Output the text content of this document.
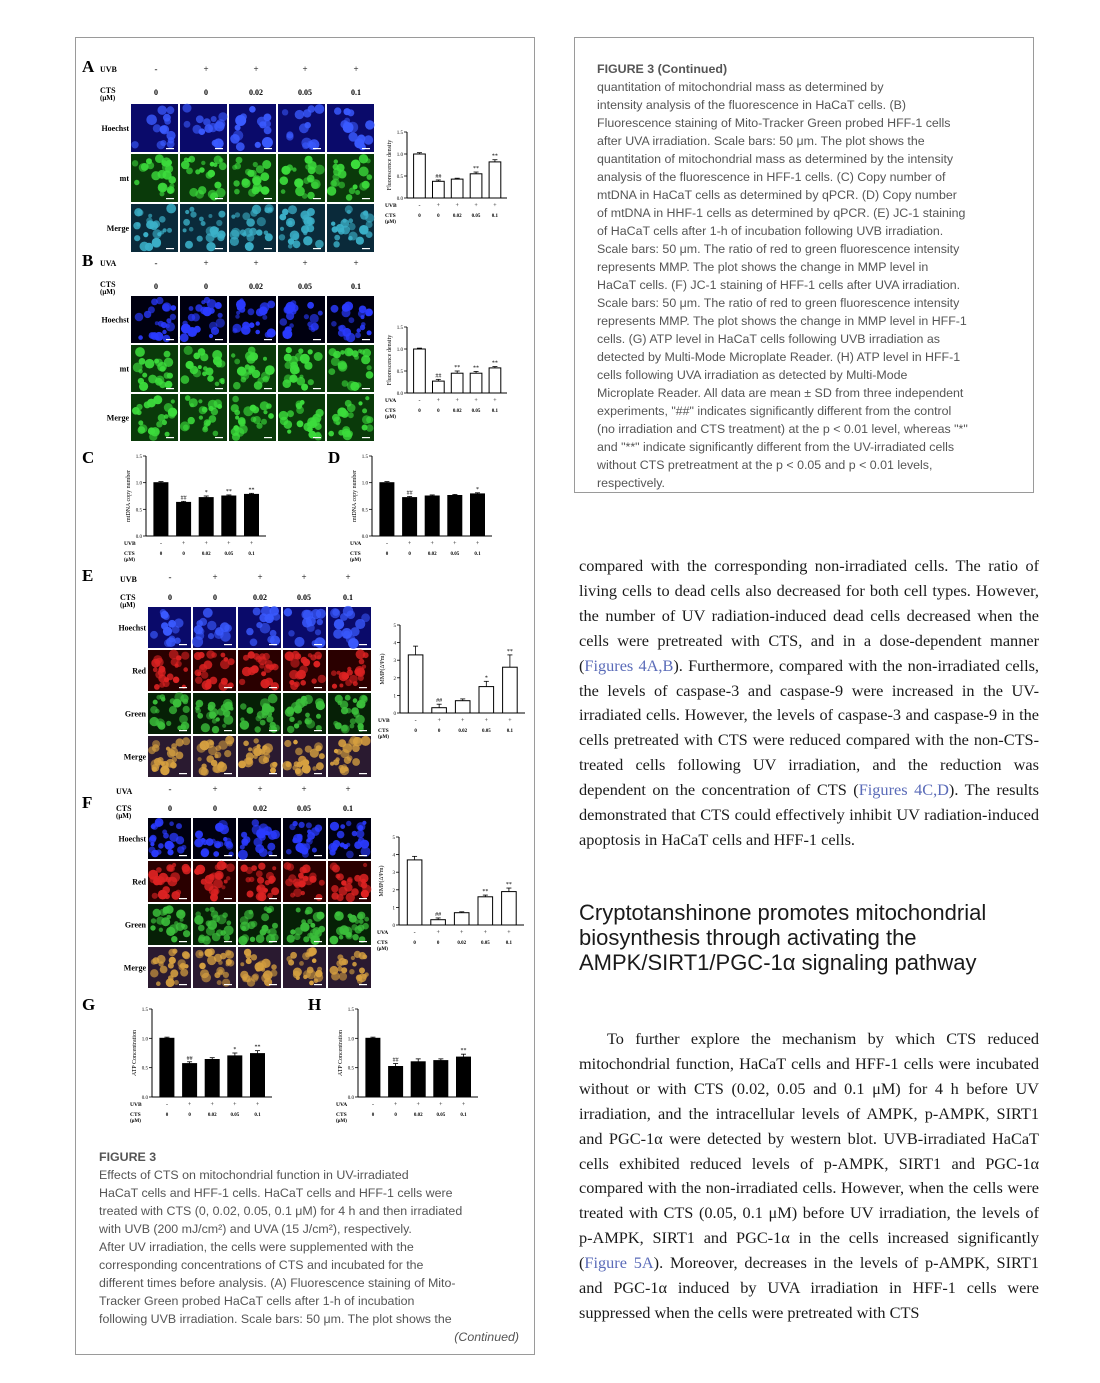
A UVB	-	+	+	+	+
CTS
(μM)
0	0	0.02	0.05	0.1
Hoechst
mt
Merge
0.0
0.5
1.0
1.5
Fluorescence density	##
**
**
UVB
CTS
(μM)
-
0
+
0
+
0.02
+
0.05
+
0.1
B UVA	-	+	+	+	+
CTS
(μM)
0	0	0.02	0.05	0.1
Hoechst
mt
Merge
0.0
0.5
1.0
1.5
Fluorescence density	##
** **
**
UVA
CTS
(μM)
-
0
+
0
+
0.02
+
0.05
+
0.1
C
0.0
0.5
1.0
1.5
mtDNA copy number	##
*	**	**
UVB
CTS
(μM)
-
0
+
0
+
0.02
+
0.05
+
0.1
D
0.0
0.5
1.0
1.5
mtDNA copy number	##
*
UVA
CTS
(μM)
-
0
+
0
+
0.02
+
0.05
+
0.1
E	UVB	-	+	+	+	+
CTS
(μM)
0	0	0.02	0.05	0.1
Hoechst
Red
Green
Merge
0
1
2
3
4
5
MMP(ΔΨm)
##
*
**
UVB
CTS
(μM)
-
0
+
0
+
0.02
+
0.05
+
0.1
F
UVA	-	+	+	+	+
CTS
(μM)
0	0	0.02	0.05	0.1
Hoechst
Red
Green
Merge
0
1
2
3
4
5
MMP(ΔΨm)
##
**
**
UVA
CTS
(μM)
-
0
+
0
+
0.02
+
0.05
+
0.1
G
0.0
0.5
1.0
1.5
ATP Concentration	##
*	**
UVB
CTS
(μM)
-
0
+
0
+
0.02
+
0.05
+
0.1
H
0.0
0.5
1.0
1.5
ATP Concentration	##
**
UVA
CTS
(μM)
-
0
+
0
+
0.02
+
0.05
+
0.1
FIGURE 3
Effects of CTS on mitochondrial function in UV-irradiated
HaCaT cells and HFF-1 cells. HaCaT cells and HFF-1 cells were
treated with CTS (0, 0.02, 0.05, 0.1 μM) for 4 h and then irradiated
with UVB (200 mJ/cm²) and UVA (15 J/cm²), respectively.
After UV irradiation, the cells were supplemented with the
corresponding concentrations of CTS and incubated for the
different times before analysis. (A) Fluorescence staining of Mito-
Tracker Green probed HaCaT cells after 1-h of incubation
following UVB irradiation. Scale bars: 50 μm. The plot shows the
(Continued)
FIGURE 3 (Continued)
quantitation of mitochondrial mass as determined by
intensity analysis of the fluorescence in HaCaT cells. (B)
Fluorescence staining of Mito-Tracker Green probed HFF-1 cells
after UVA irradiation. Scale bars: 50 μm. The plot shows the
quantitation of mitochondrial mass as determined by the intensity
analysis of the fluorescence in HFF-1 cells. (C) Copy number of
mtDNA in HaCaT cells as determined by qPCR. (D) Copy number
of mtDNA in HHF-1 cells as determined by qPCR. (E) JC-1 staining
of HaCaT cells after 1-h of incubation following UVB irradiation.
Scale bars: 50 μm. The ratio of red to green fluorescence intensity
represents MMP. The plot shows the change in MMP level in
HaCaT cells. (F) JC-1 staining of HFF-1 cells after UVA irradiation.
Scale bars: 50 μm. The ratio of red to green fluorescence intensity
represents MMP. The plot shows the change in MMP level in HFF-1
cells. (G) ATP level in HaCaT cells following UVB irradiation as
detected by Multi-Mode Microplate Reader. (H) ATP level in HFF-1
cells following UVA irradiation as detected by Multi-Mode
Microplate Reader. All data are mean ± SD from three independent
experiments, "##" indicates significantly different from the control
(no irradiation and CTS treatment) at the p < 0.01 level, whereas "*"
and "**" indicate significantly different from the UV-irradiated cells
without CTS pretreatment at the p < 0.05 and p < 0.01 levels,
respectively.

compared with the corresponding non-irradiated cells. The ratio of living cells to dead cells also decreased for both cell types. However, the number of UV radiation-induced dead cells decreased when the cells were pretreated with CTS, and in a dose-dependent manner (Figures 4A,B). Furthermore, compared with the non-irradiated cells, the levels of caspase-3 and caspase-9 were increased in the UV-irradiated cells. However, the levels of caspase-3 and caspase-9 in the cells pretreated with CTS were reduced compared with the non-CTS-treated cells following UV irradiation, and the reduction was dependent on the concentration of CTS (Figures 4C,D). The results demonstrated that CTS could effectively inhibit UV radiation-induced apoptosis in HaCaT cells and HFF-1 cells.

Cryptotanshinone promotes mitochondrial biosynthesis through activating the AMPK/SIRT1/PGC-1α signaling pathway

To further explore the mechanism by which CTS reduced mitochondrial function, HaCaT cells and HFF-1 cells were incubated without or with CTS (0.02, 0.05 and 0.1 μM) for 4 h before UV irradiation, and the intracellular levels of AMPK, p-AMPK, SIRT1 and PGC-1α were detected by western blot. UVB-irradiated HaCaT cells exhibited reduced levels of p-AMPK, SIRT1 and PGC-1α compared with the non-irradiated cells. However, when the cells were treated with CTS (0.05, 0.1 μM) before UV irradiation, the levels of p-AMPK, SIRT1 and PGC-1α in the cells increased significantly (Figure 5A). Moreover, decreases in the levels of p-AMPK, SIRT1 and PGC-1α induced by UVA irradiation in HFF-1 cells were suppressed when the cells were pretreated with CTS
